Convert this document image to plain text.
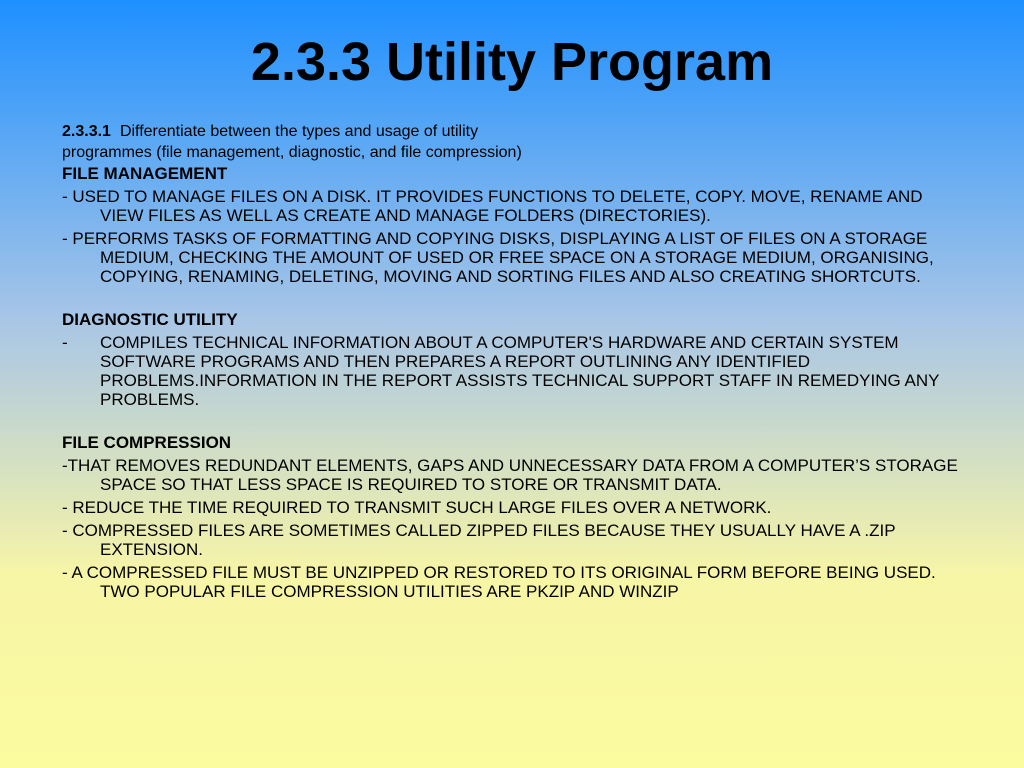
2.3.3 Utility Program
2.3.3.1 Differentiate between the types and usage of utility
programmes (file management, diagnostic, and file compression)
FILE MANAGEMENT
- USED TO MANAGE FILES ON A DISK. IT PROVIDES FUNCTIONS TO DELETE, COPY. MOVE, RENAME AND VIEW FILES AS WELL AS CREATE AND MANAGE FOLDERS (DIRECTORIES).
- PERFORMS TASKS OF FORMATTING AND COPYING DISKS, DISPLAYING A LIST OF FILES ON A STORAGE MEDIUM, CHECKING THE AMOUNT OF USED OR FREE SPACE ON A STORAGE MEDIUM, ORGANISING, COPYING, RENAMING, DELETING, MOVING AND SORTING FILES AND ALSO CREATING SHORTCUTS.
DIAGNOSTIC UTILITY
-	COMPILES TECHNICAL INFORMATION ABOUT A COMPUTER'S HARDWARE AND CERTAIN SYSTEM SOFTWARE PROGRAMS AND THEN PREPARES A REPORT OUTLINING ANY IDENTIFIED PROBLEMS.INFORMATION IN THE REPORT ASSISTS TECHNICAL SUPPORT STAFF IN REMEDYING ANY PROBLEMS.
FILE COMPRESSION
-THAT REMOVES REDUNDANT ELEMENTS, GAPS AND UNNECESSARY DATA FROM A COMPUTER’S STORAGE SPACE SO THAT LESS SPACE IS REQUIRED TO STORE OR TRANSMIT DATA.
- REDUCE THE TIME REQUIRED TO TRANSMIT SUCH LARGE FILES OVER A NETWORK.
- COMPRESSED FILES ARE SOMETIMES CALLED ZIPPED FILES BECAUSE THEY USUALLY HAVE A .ZIP EXTENSION.
- A COMPRESSED FILE MUST BE UNZIPPED OR RESTORED TO ITS ORIGINAL FORM BEFORE BEING USED. TWO POPULAR FILE COMPRESSION UTILITIES ARE PKZIP AND WINZIP
